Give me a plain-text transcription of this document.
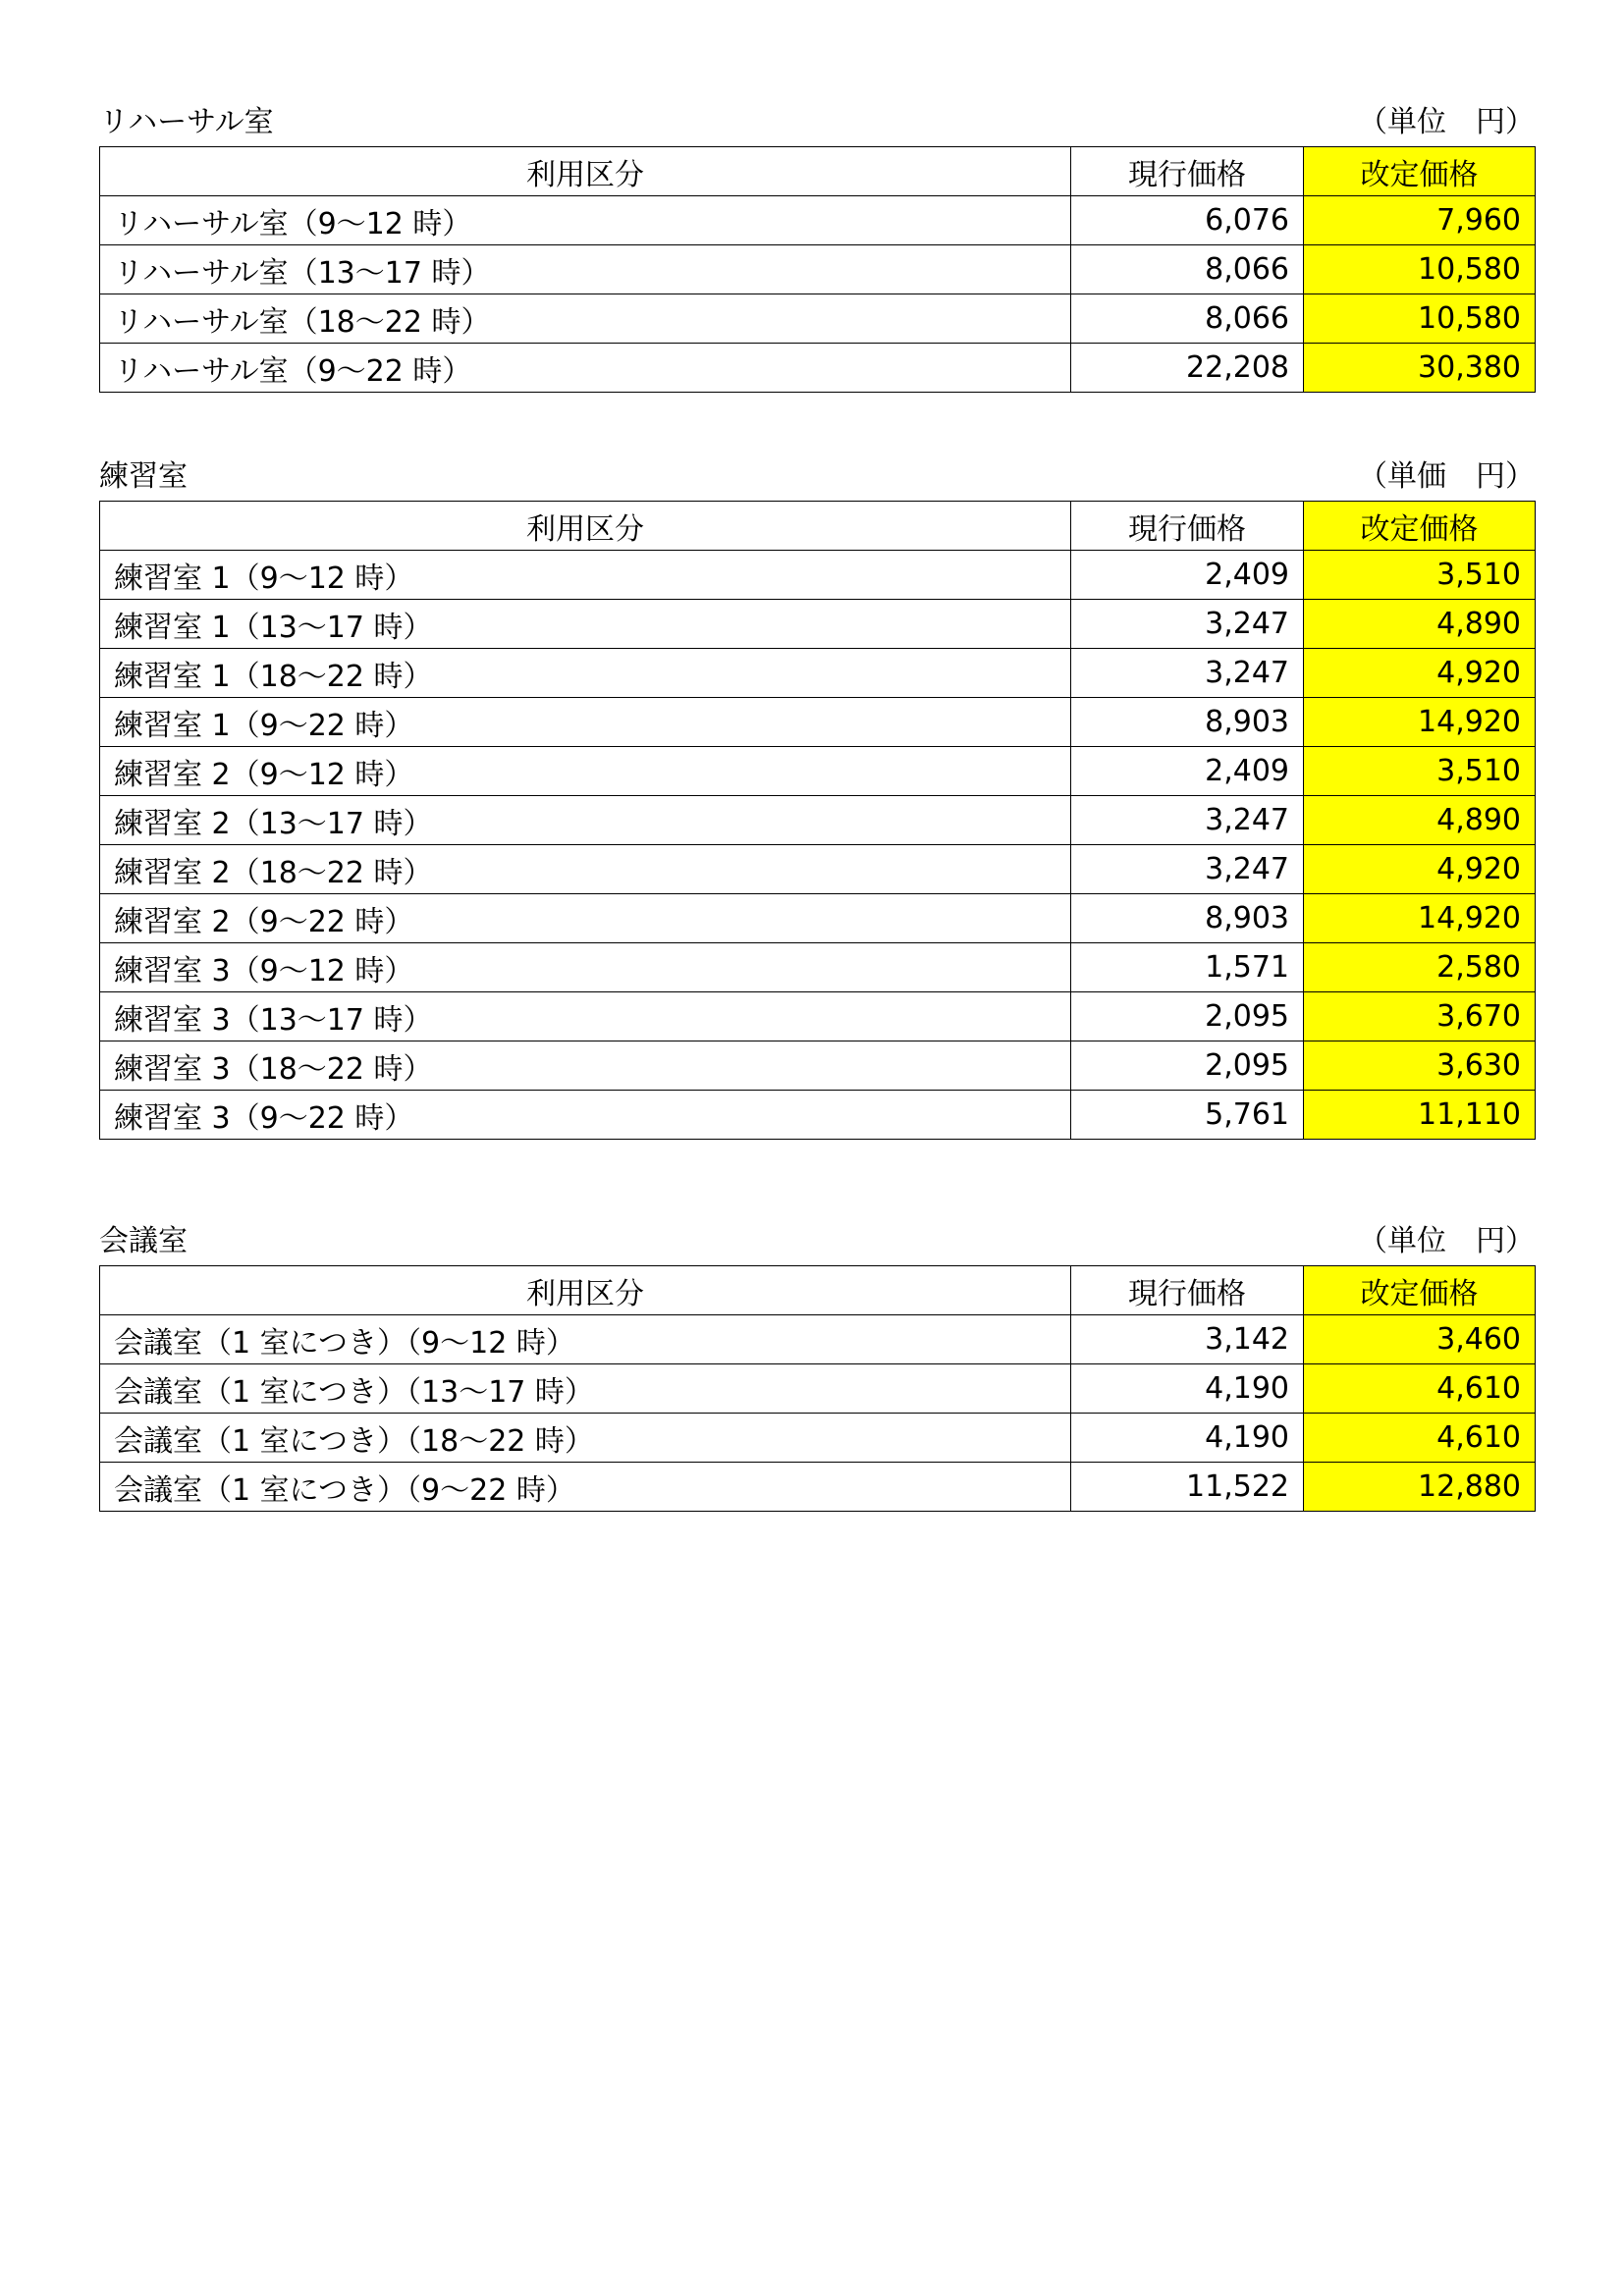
リハーサル室	（単位　円）
利用区分	現行価格	改定価格
リハーサル室（9～12 時）	6,076	7,960
リハーサル室（13～17 時）	8,066	10,580
リハーサル室（18～22 時）	8,066	10,580
リハーサル室（9～22 時）	22,208	30,380
練習室	（単価　円）
利用区分	現行価格	改定価格
練習室 1（9～12 時）	2,409	3,510
練習室 1（13～17 時）	3,247	4,890
練習室 1（18～22 時）	3,247	4,920
練習室 1（9～22 時）	8,903	14,920
練習室 2（9～12 時）	2,409	3,510
練習室 2（13～17 時）	3,247	4,890
練習室 2（18～22 時）	3,247	4,920
練習室 2（9～22 時）	8,903	14,920
練習室 3（9～12 時）	1,571	2,580
練習室 3（13～17 時）	2,095	3,670
練習室 3（18～22 時）	2,095	3,630
練習室 3（9～22 時）	5,761	11,110
会議室	（単位　円）
利用区分	現行価格	改定価格
会議室（1 室につき）（9～12 時）	3,142	3,460
会議室（1 室につき）（13～17 時）	4,190	4,610
会議室（1 室につき）（18～22 時）	4,190	4,610
会議室（1 室につき）（9～22 時）	11,522	12,880
